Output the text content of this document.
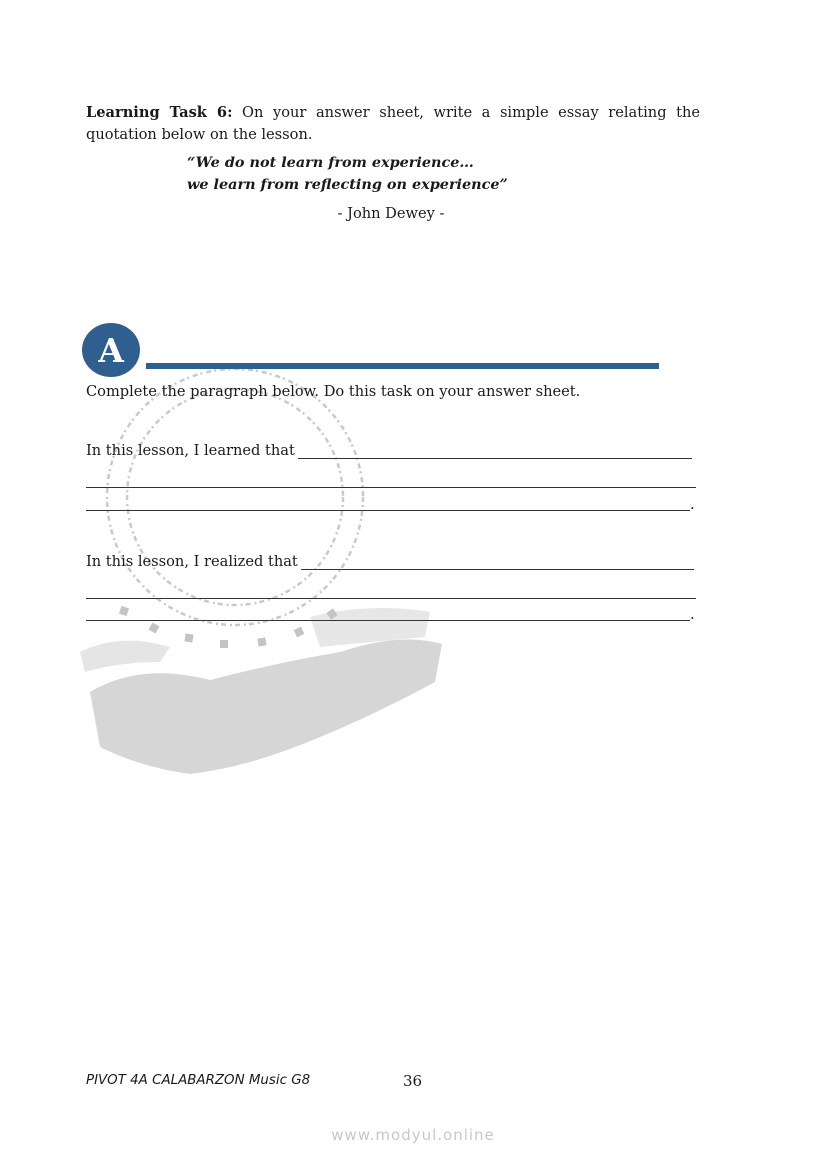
Learning Task 6: On your answer sheet, write a simple essay relating the quotation below on the lesson.
“We do not learn from experience…
we learn from reflecting on experience”
- John Dewey -
A
Complete the paragraph below. Do this task on your answer sheet.
In this lesson, I learned that
.
In this lesson, I realized that
.
PIVOT 4A CALABARZON Music G8	36
www.modyul.online
